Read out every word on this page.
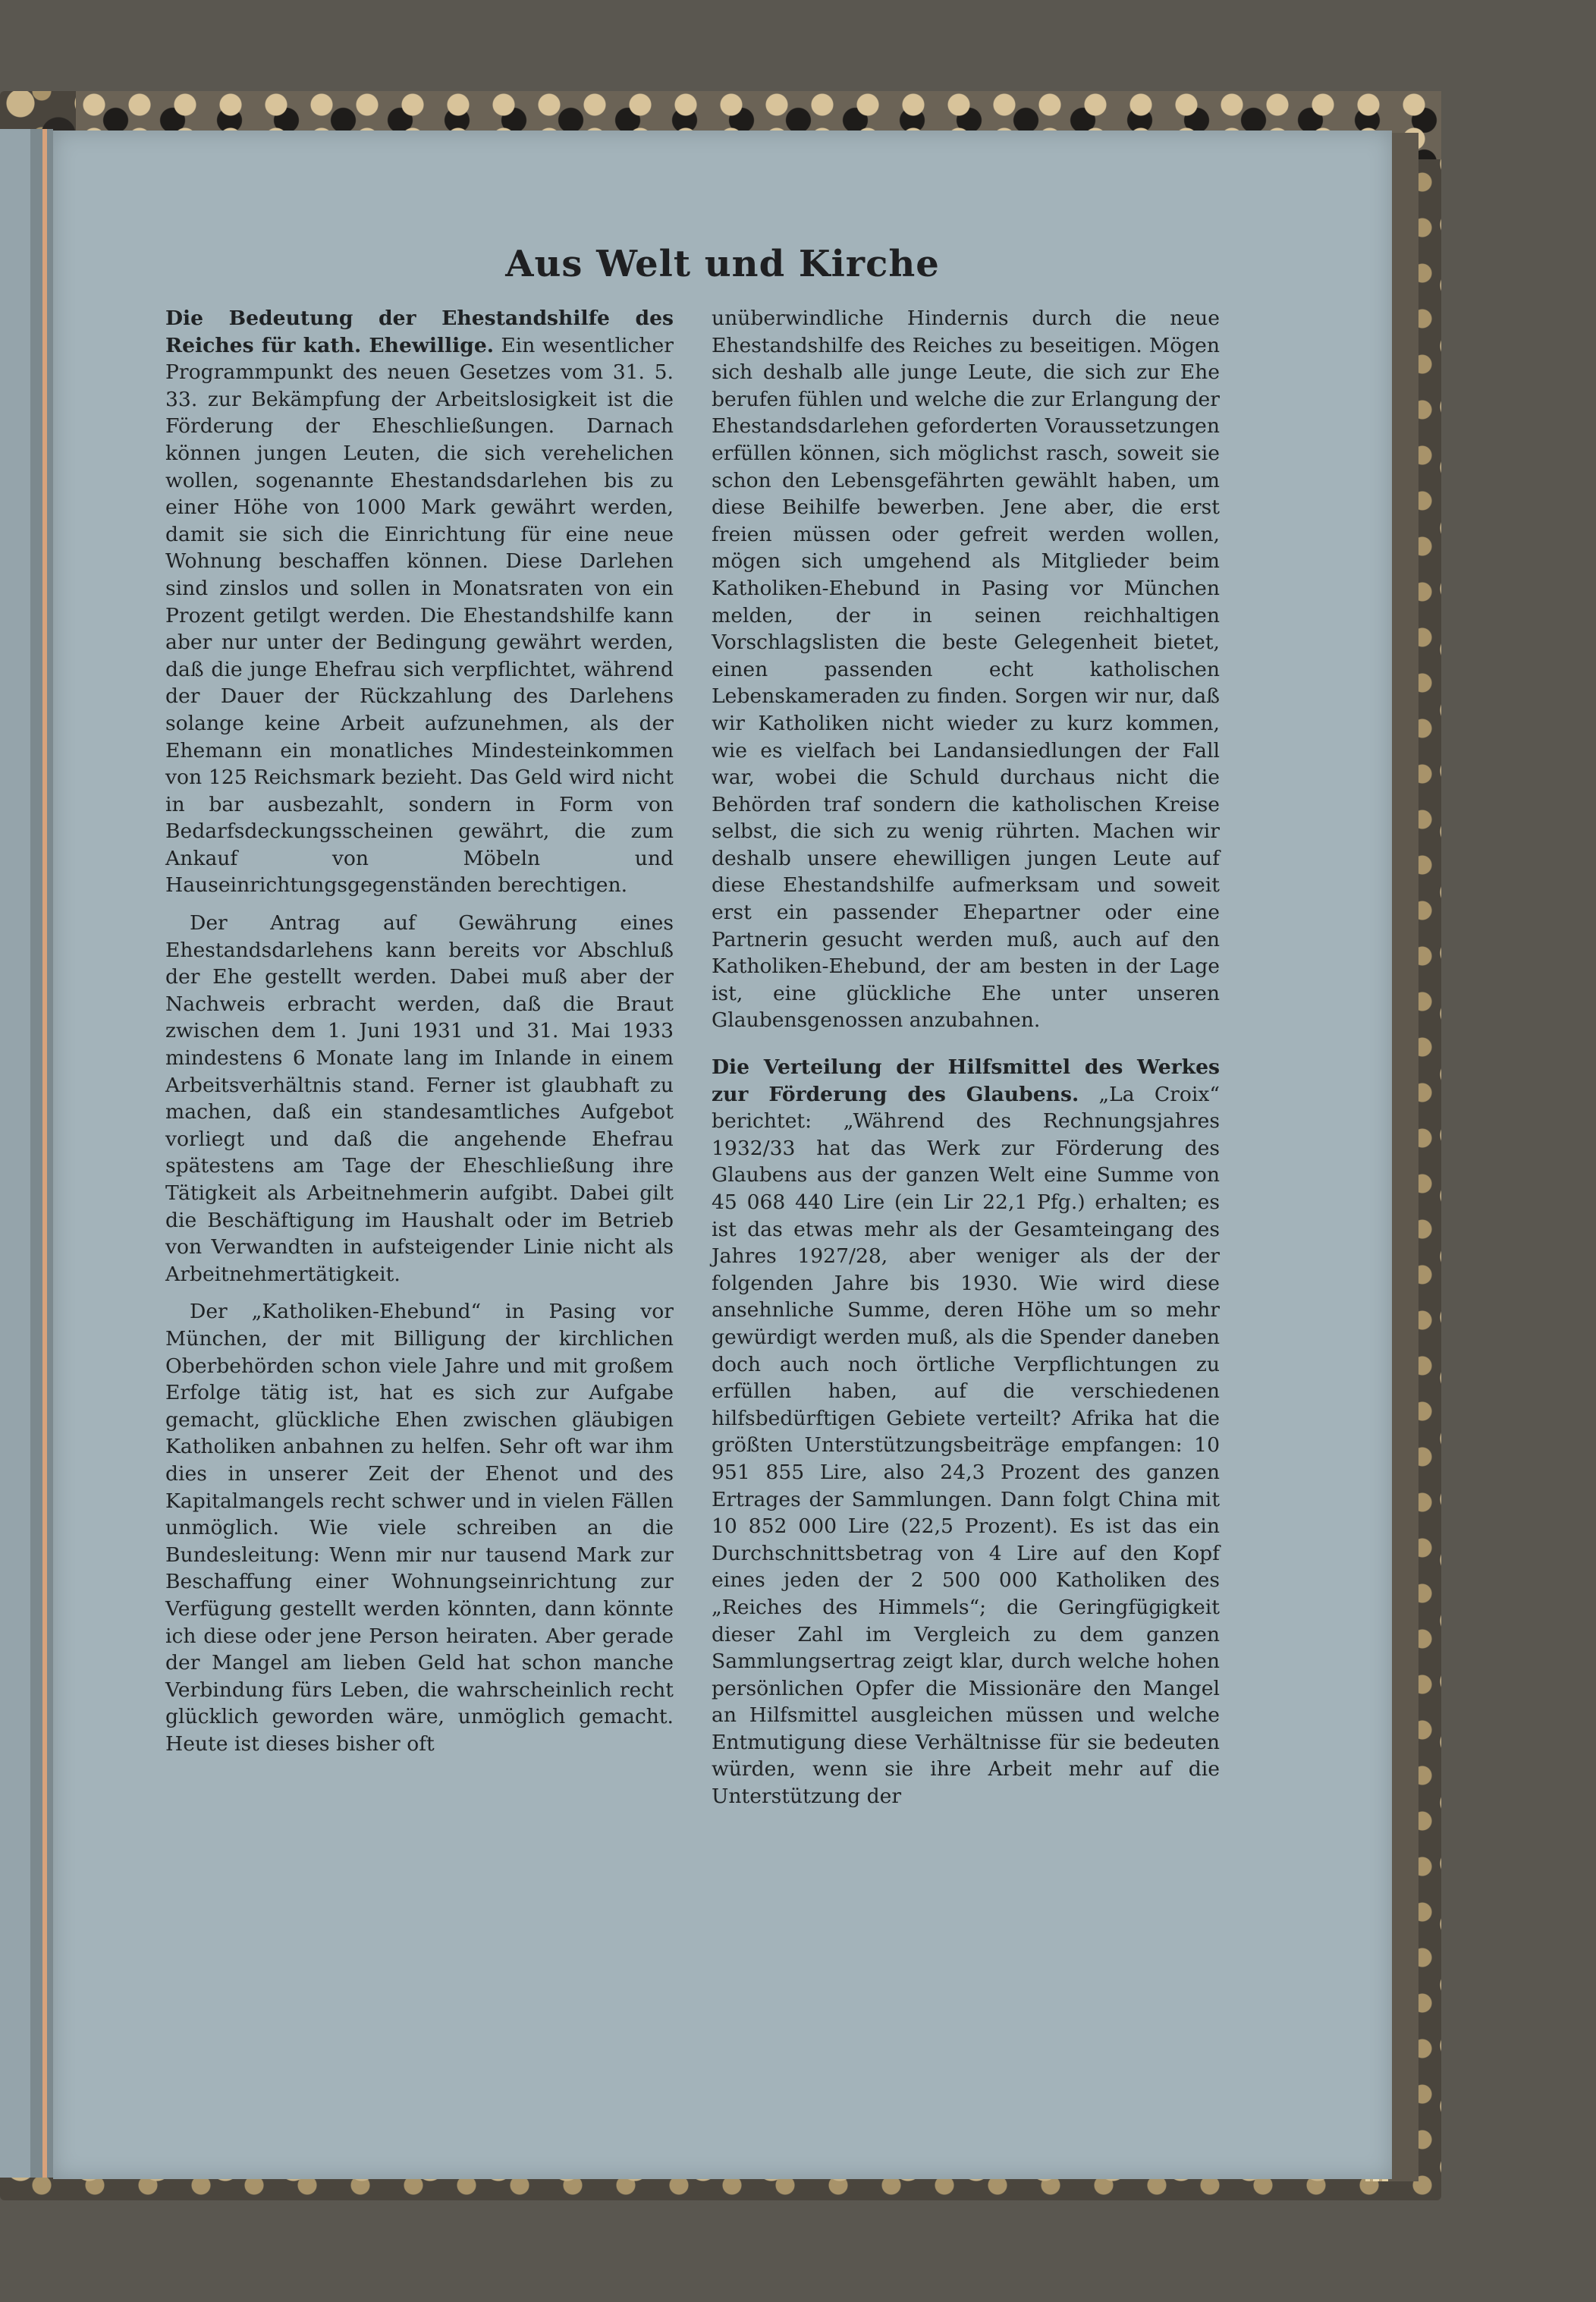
Aus Welt und Kirche

Die Bedeutung der Ehestandshilfe des Reiches für kath. Ehewillige. Ein wesentlicher Programmpunkt des neuen Gesetzes vom 31. 5. 33. zur Bekämpfung der Arbeitslosigkeit ist die Förderung der Eheschließungen. Darnach können jungen Leuten, die sich verehelichen wollen, sogenannte Ehestandsdarlehen bis zu einer Höhe von 1000 Mark gewährt werden, damit sie sich die Einrichtung für eine neue Wohnung beschaffen können. Diese Darlehen sind zinslos und sollen in Monatsraten von ein Prozent getilgt werden. Die Ehestandshilfe kann aber nur unter der Bedingung gewährt werden, daß die junge Ehefrau sich verpflichtet, während der Dauer der Rückzahlung des Darlehens solange keine Arbeit aufzunehmen, als der Ehemann ein monatliches Mindesteinkommen von 125 Reichsmark bezieht. Das Geld wird nicht in bar ausbezahlt, sondern in Form von Bedarfsdeckungsscheinen gewährt, die zum Ankauf von Möbeln und Hauseinrichtungsgegenständen berechtigen.

Der Antrag auf Gewährung eines Ehestandsdarlehens kann bereits vor Abschluß der Ehe gestellt werden. Dabei muß aber der Nachweis erbracht werden, daß die Braut zwischen dem 1. Juni 1931 und 31. Mai 1933 mindestens 6 Monate lang im Inlande in einem Arbeitsverhältnis stand. Ferner ist glaubhaft zu machen, daß ein standesamtliches Aufgebot vorliegt und daß die angehende Ehefrau spätestens am Tage der Eheschließung ihre Tätigkeit als Arbeitnehmerin aufgibt. Dabei gilt die Beschäftigung im Haushalt oder im Betrieb von Verwandten in aufsteigender Linie nicht als Arbeitnehmertätigkeit.

Der „Katholiken-Ehebund“ in Pasing vor München, der mit Billigung der kirchlichen Oberbehörden schon viele Jahre und mit großem Erfolge tätig ist, hat es sich zur Aufgabe gemacht, glückliche Ehen zwischen gläubigen Katholiken anbahnen zu helfen. Sehr oft war ihm dies in unserer Zeit der Ehenot und des Kapitalmangels recht schwer und in vielen Fällen unmöglich. Wie viele schreiben an die Bundesleitung: Wenn mir nur tausend Mark zur Beschaffung einer Wohnungseinrichtung zur Verfügung gestellt werden könnten, dann könnte ich diese oder jene Person heiraten. Aber gerade der Mangel am lieben Geld hat schon manche Verbindung fürs Leben, die wahrscheinlich recht glücklich geworden wäre, unmöglich gemacht. Heute ist dieses bisher oft

unüberwindliche Hindernis durch die neue Ehestandshilfe des Reiches zu beseitigen. Mögen sich deshalb alle junge Leute, die sich zur Ehe berufen fühlen und welche die zur Erlangung der Ehestandsdarlehen geforderten Voraussetzungen erfüllen können, sich möglichst rasch, soweit sie schon den Lebensgefährten gewählt haben, um diese Beihilfe bewerben. Jene aber, die erst freien müssen oder gefreit werden wollen, mögen sich umgehend als Mitglieder beim Katholiken-Ehebund in Pasing vor München melden, der in seinen reichhaltigen Vorschlagslisten die beste Gelegenheit bietet, einen passenden echt katholischen Lebenskameraden zu finden. Sorgen wir nur, daß wir Katholiken nicht wieder zu kurz kommen, wie es vielfach bei Landansiedlungen der Fall war, wobei die Schuld durchaus nicht die Behörden traf sondern die katholischen Kreise selbst, die sich zu wenig rührten. Machen wir deshalb unsere ehewilligen jungen Leute auf diese Ehestandshilfe aufmerksam und soweit erst ein passender Ehepartner oder eine Partnerin gesucht werden muß, auch auf den Katholiken-Ehebund, der am besten in der Lage ist, eine glückliche Ehe unter unseren Glaubensgenossen anzubahnen.

Die Verteilung der Hilfsmittel des Werkes zur Förderung des Glaubens. „La Croix“ berichtet: „Während des Rechnungsjahres 1932/33 hat das Werk zur Förderung des Glaubens aus der ganzen Welt eine Summe von 45 068 440 Lire (ein Lir 22,1 Pfg.) erhalten; es ist das etwas mehr als der Gesamteingang des Jahres 1927/28, aber weniger als der der folgenden Jahre bis 1930. Wie wird diese ansehnliche Summe, deren Höhe um so mehr gewürdigt werden muß, als die Spender daneben doch auch noch örtliche Verpflichtungen zu erfüllen haben, auf die verschiedenen hilfsbedürftigen Gebiete verteilt? Afrika hat die größten Unterstützungsbeiträge empfangen: 10 951 855 Lire, also 24,3 Prozent des ganzen Ertrages der Sammlungen. Dann folgt China mit 10 852 000 Lire (22,5 Prozent). Es ist das ein Durchschnittsbetrag von 4 Lire auf den Kopf eines jeden der 2 500 000 Katholiken des „Reiches des Himmels“; die Geringfügigkeit dieser Zahl im Vergleich zu dem ganzen Sammlungsertrag zeigt klar, durch welche hohen persönlichen Opfer die Missionäre den Mangel an Hilfsmittel ausgleichen müssen und welche Entmutigung diese Verhältnisse für sie bedeuten würden, wenn sie ihre Arbeit mehr auf die Unterstützung der
